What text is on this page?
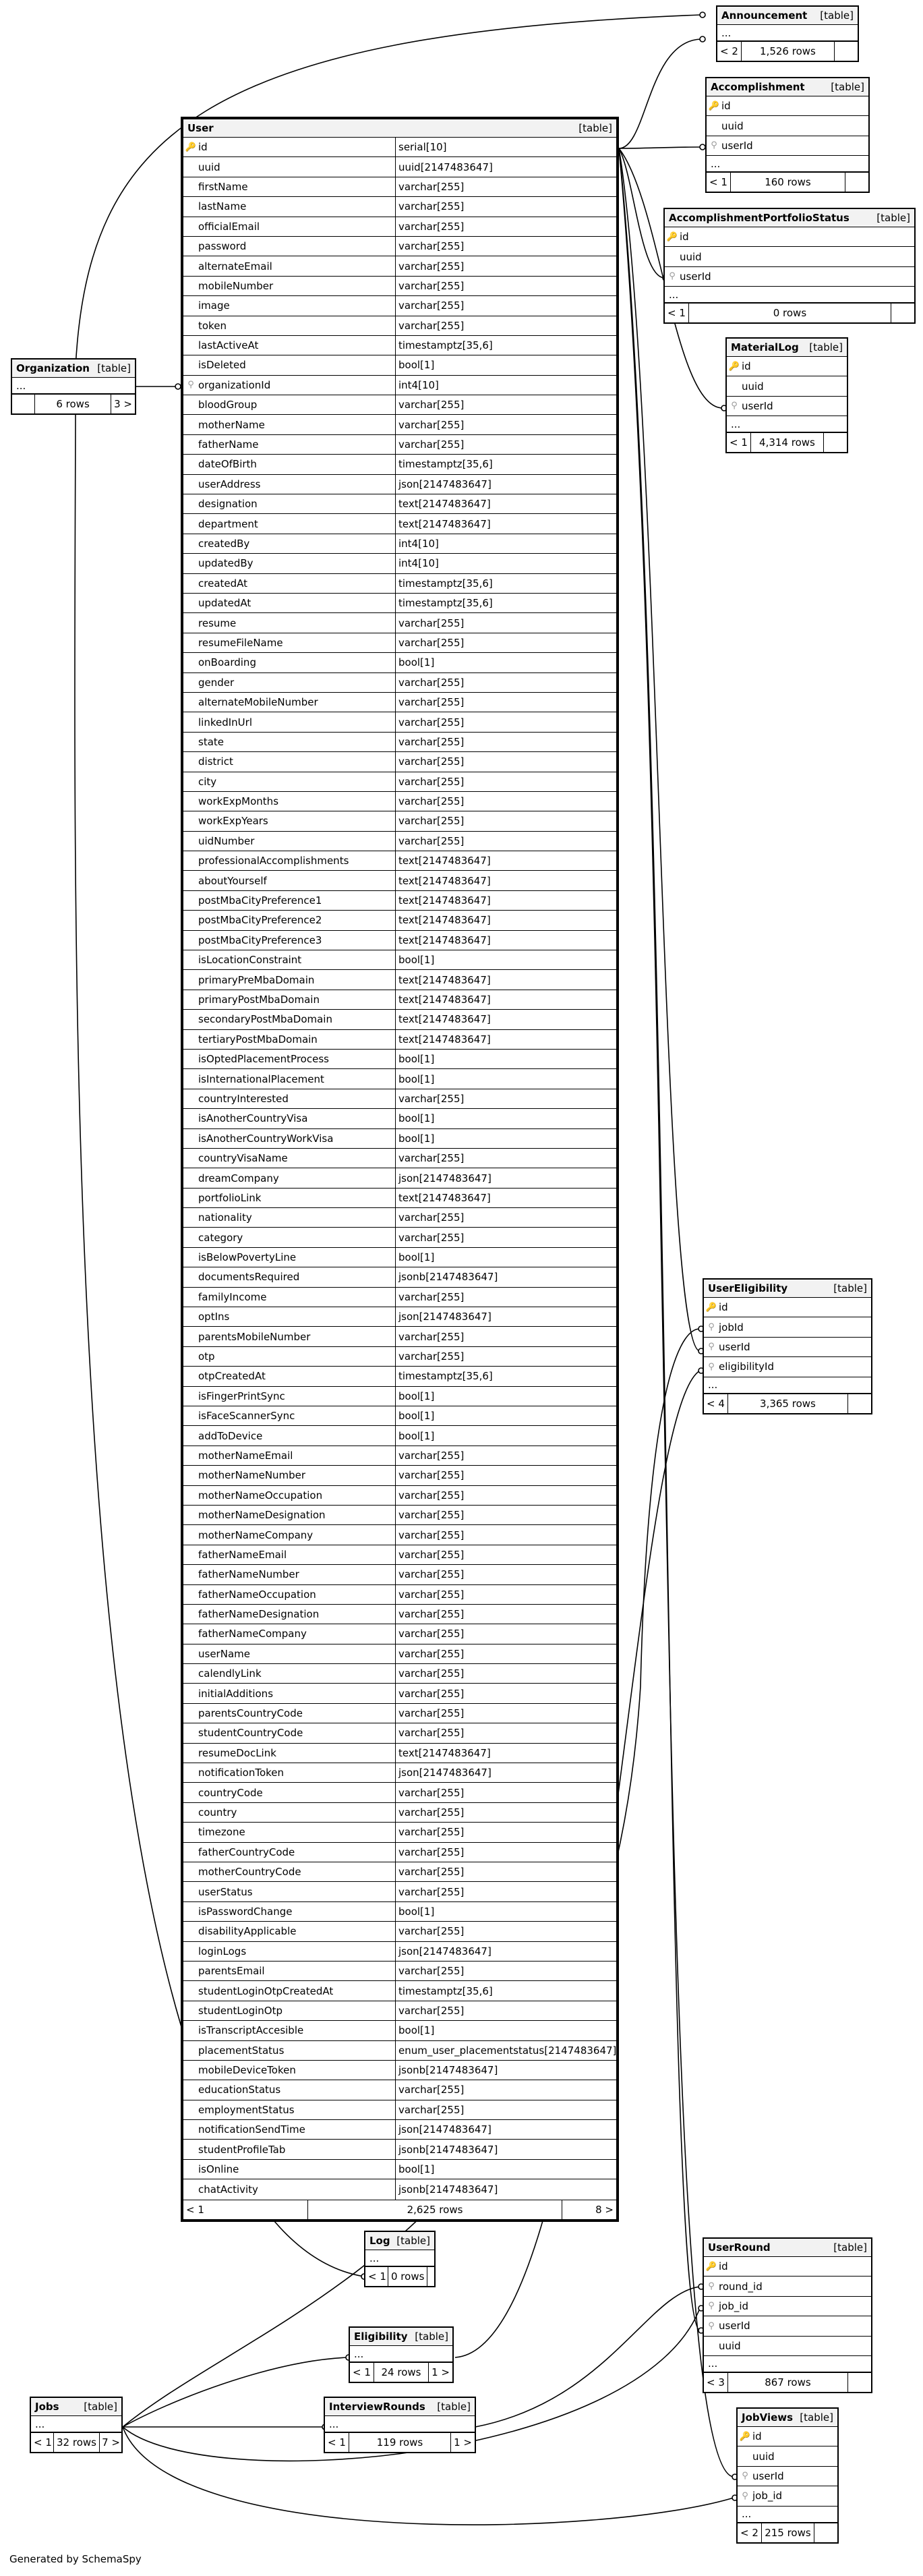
User	[table]
🔑 id	serial[10]
uuid	uuid[2147483647]
firstName	varchar[255]
lastName	varchar[255]
officialEmail	varchar[255]
password	varchar[255]
alternateEmail	varchar[255]
mobileNumber	varchar[255]
image	varchar[255]
token	varchar[255]
lastActiveAt	timestamptz[35,6]
isDeleted	bool[1]
⚲ organizationId	int4[10]
bloodGroup	varchar[255]
motherName	varchar[255]
fatherName	varchar[255]
dateOfBirth	timestamptz[35,6]
userAddress	json[2147483647]
designation	text[2147483647]
department	text[2147483647]
createdBy	int4[10]
updatedBy	int4[10]
createdAt	timestamptz[35,6]
updatedAt	timestamptz[35,6]
resume	varchar[255]
resumeFileName	varchar[255]
onBoarding	bool[1]
gender	varchar[255]
alternateMobileNumber	varchar[255]
linkedInUrl	varchar[255]
state	varchar[255]
district	varchar[255]
city	varchar[255]
workExpMonths	varchar[255]
workExpYears	varchar[255]
uidNumber	varchar[255]
professionalAccomplishments	text[2147483647]
aboutYourself	text[2147483647]
postMbaCityPreference1	text[2147483647]
postMbaCityPreference2	text[2147483647]
postMbaCityPreference3	text[2147483647]
isLocationConstraint	bool[1]
primaryPreMbaDomain	text[2147483647]
primaryPostMbaDomain	text[2147483647]
secondaryPostMbaDomain	text[2147483647]
tertiaryPostMbaDomain	text[2147483647]
isOptedPlacementProcess	bool[1]
isInternationalPlacement	bool[1]
countryInterested	varchar[255]
isAnotherCountryVisa	bool[1]
isAnotherCountryWorkVisa	bool[1]
countryVisaName	varchar[255]
dreamCompany	json[2147483647]
portfolioLink	text[2147483647]
nationality	varchar[255]
category	varchar[255]
isBelowPovertyLine	bool[1]
documentsRequired	jsonb[2147483647]
familyIncome	varchar[255]
optIns	json[2147483647]
parentsMobileNumber	varchar[255]
otp	varchar[255]
otpCreatedAt	timestamptz[35,6]
isFingerPrintSync	bool[1]
isFaceScannerSync	bool[1]
addToDevice	bool[1]
motherNameEmail	varchar[255]
motherNameNumber	varchar[255]
motherNameOccupation	varchar[255]
motherNameDesignation	varchar[255]
motherNameCompany	varchar[255]
fatherNameEmail	varchar[255]
fatherNameNumber	varchar[255]
fatherNameOccupation	varchar[255]
fatherNameDesignation	varchar[255]
fatherNameCompany	varchar[255]
userName	varchar[255]
calendlyLink	varchar[255]
initialAdditions	varchar[255]
parentsCountryCode	varchar[255]
studentCountryCode	varchar[255]
resumeDocLink	text[2147483647]
notificationToken	json[2147483647]
countryCode	varchar[255]
country	varchar[255]
timezone	varchar[255]
fatherCountryCode	varchar[255]
motherCountryCode	varchar[255]
userStatus	varchar[255]
isPasswordChange	bool[1]
disabilityApplicable	varchar[255]
loginLogs	json[2147483647]
parentsEmail	varchar[255]
studentLoginOtpCreatedAt	timestamptz[35,6]
studentLoginOtp	varchar[255]
isTranscriptAccesible	bool[1]
placementStatus	enum_user_placementstatus[2147483647]
mobileDeviceToken	jsonb[2147483647]
educationStatus	varchar[255]
employmentStatus	varchar[255]
notificationSendTime	json[2147483647]
studentProfileTab	jsonb[2147483647]
isOnline	bool[1]
chatActivity	jsonb[2147483647]
< 1	2,625 rows	8 >
Announcement [table]
...
< 2	1,526 rows
Accomplishment	[table]
🔑 id
uuid
⚲ userId
...
< 1	160 rows
AccomplishmentPortfolioStatus	[table]
🔑 id
uuid
⚲ userId
...
< 1	0 rows
MaterialLog [table]
🔑 id
uuid
⚲ userId
...
< 1	4,314 rows
Organization [table]
...
6 rows	3 >
UserEligibility	[table]
🔑 id
⚲ jobId
⚲ userId
⚲ eligibilityId
...
< 4	3,365 rows
Log [table]
...
< 1 0 rows
Eligibility [table]
...
< 1	24 rows	1 >
Jobs [table]
...
< 1 32 rows 7 >
InterviewRounds [table]
...
< 1	119 rows	1 >
UserRound	[table]
🔑 id
⚲ round_id
⚲ job_id
⚲ userId
uuid
...
< 3	867 rows
JobViews [table]
🔑 id
uuid
⚲ userId
⚲ job_id
...
< 2 215 rows
Generated by SchemaSpy
